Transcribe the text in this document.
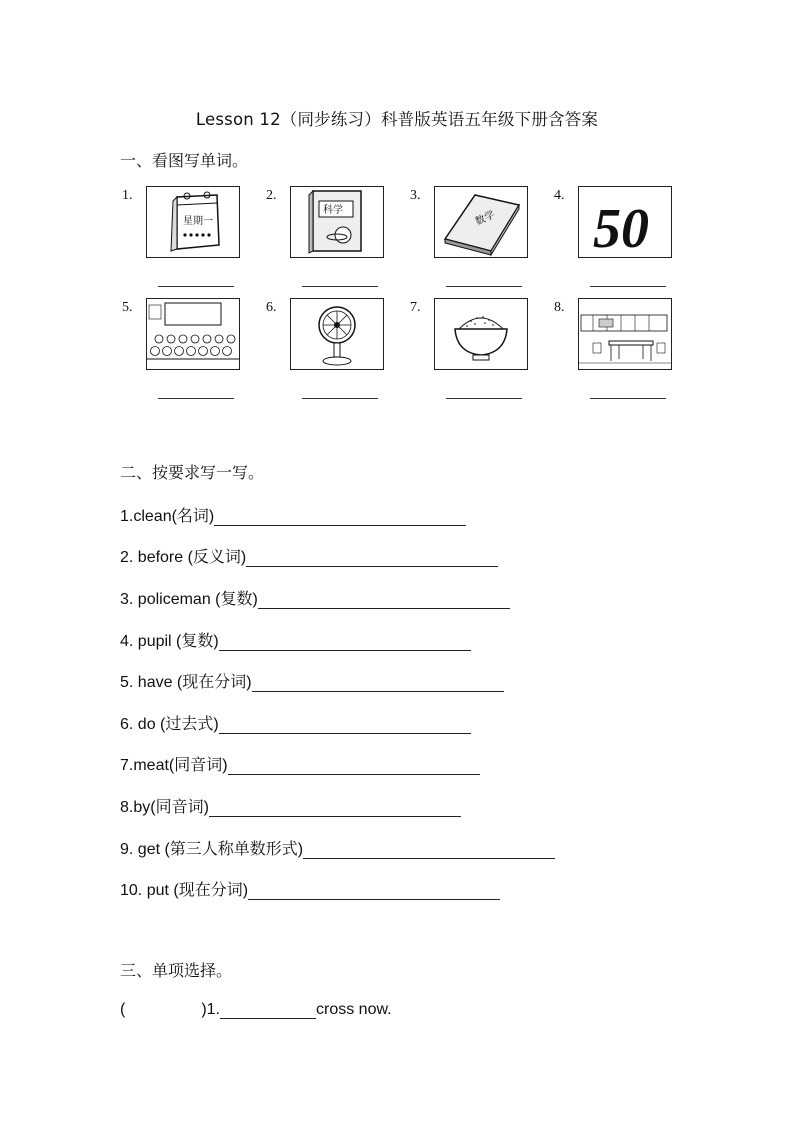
Lesson 12（同步练习）科普版英语五年级下册含答案
一、看图写单词。
1.
星期一
2.
科学
3.
数学
4.
50
5.	6.	7.	8.
二、按要求写一写。
1.clean(名词)
2. before (反义词)
3. policeman (复数)
4. pupil (复数)
5. have (现在分词)
6. do (过去式)
7.meat(同音词)
8.by(同音词)
9. get (第三人称单数形式)
10. put (现在分词)
三、单项选择。
(	)1.	cross now.
